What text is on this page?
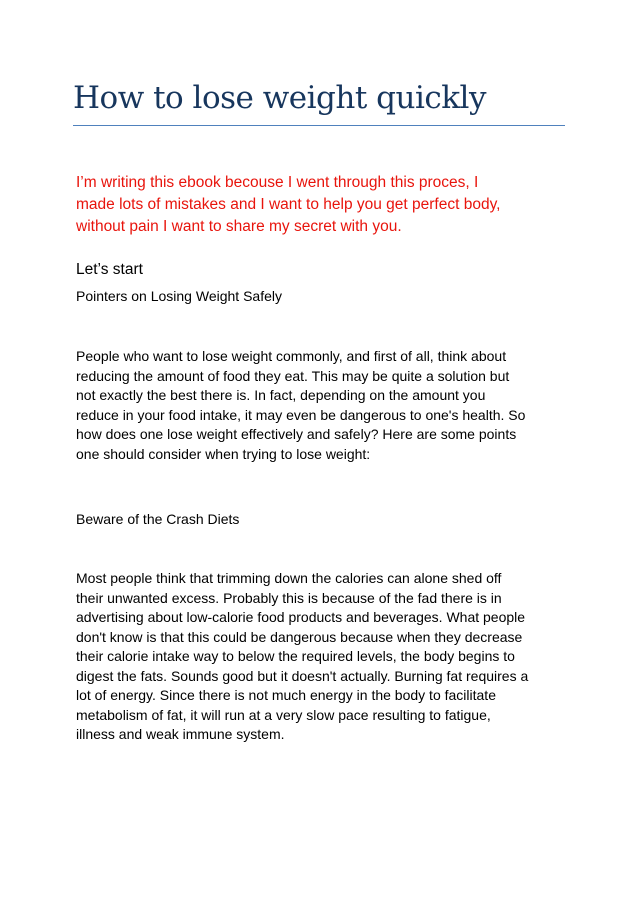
How to lose weight quickly

I’m writing this ebook becouse I went through this proces, I
made lots of mistakes and I want to help you get perfect body,
without pain I want to share my secret with you.

Let’s start

Pointers on Losing Weight Safely

People who want to lose weight commonly, and first of all, think about
reducing the amount of food they eat. This may be quite a solution but
not exactly the best there is. In fact, depending on the amount you
reduce in your food intake, it may even be dangerous to one's health. So
how does one lose weight effectively and safely? Here are some points
one should consider when trying to lose weight:

Beware of the Crash Diets

Most people think that trimming down the calories can alone shed off
their unwanted excess. Probably this is because of the fad there is in
advertising about low-calorie food products and beverages. What people
don't know is that this could be dangerous because when they decrease
their calorie intake way to below the required levels, the body begins to
digest the fats. Sounds good but it doesn't actually. Burning fat requires a
lot of energy. Since there is not much energy in the body to facilitate
metabolism of fat, it will run at a very slow pace resulting to fatigue,
illness and weak immune system.
